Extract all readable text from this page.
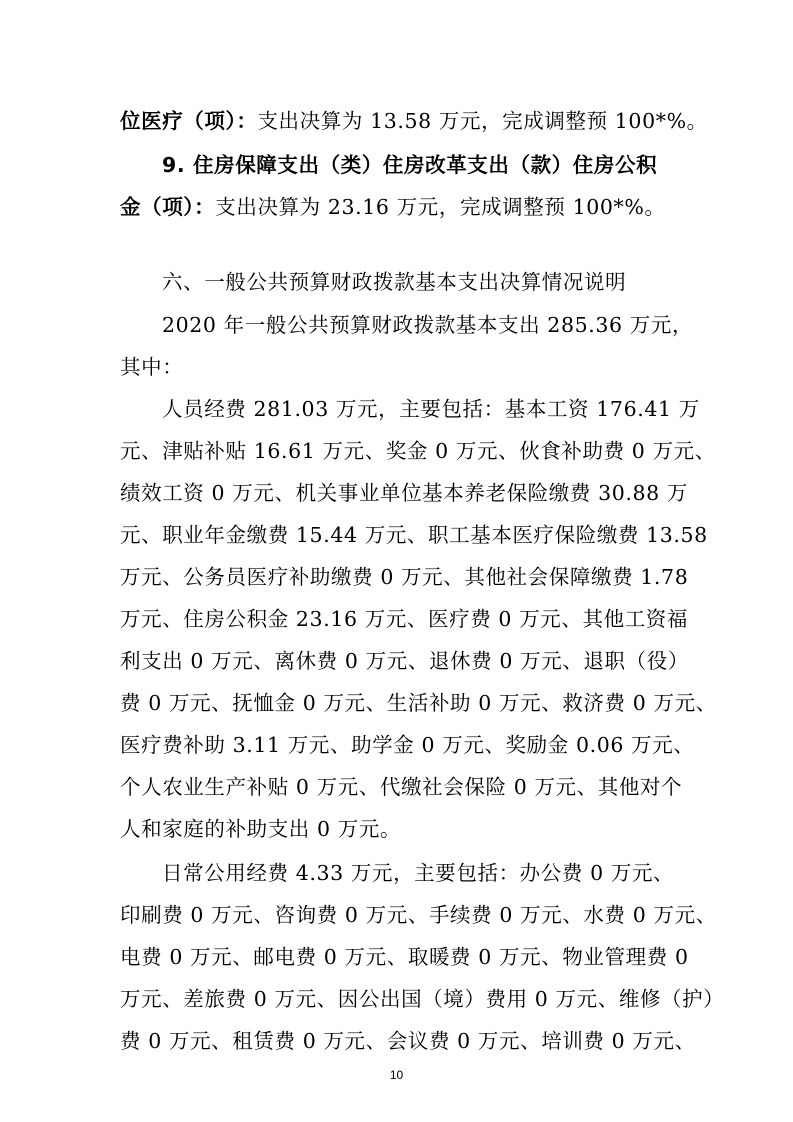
位医疗（项）：支出决算为 13.58 万元，完成调整预 100*%。
9. 住房保障支出（类）住房改革支出（款）住房公积
金（项）：支出决算为 23.16 万元，完成调整预 100*%。
六、一般公共预算财政拨款基本支出决算情况说明
2020 年一般公共预算财政拨款基本支出 285.36 万元，
其中：
人员经费 281.03 万元，主要包括：基本工资 176.41 万
元、津贴补贴 16.61 万元、奖金 0 万元、伙食补助费 0 万元、
绩效工资 0 万元、机关事业单位基本养老保险缴费 30.88 万
元、职业年金缴费 15.44 万元、职工基本医疗保险缴费 13.58
万元、公务员医疗补助缴费 0 万元、其他社会保障缴费 1.78
万元、住房公积金 23.16 万元、医疗费 0 万元、其他工资福
利支出 0 万元、离休费 0 万元、退休费 0 万元、退职（役）
费 0 万元、抚恤金 0 万元、生活补助 0 万元、救济费 0 万元、
医疗费补助 3.11 万元、助学金 0 万元、奖励金 0.06 万元、
个人农业生产补贴 0 万元、代缴社会保险 0 万元、其他对个
人和家庭的补助支出 0 万元。
日常公用经费 4.33 万元，主要包括：办公费 0 万元、
印刷费 0 万元、咨询费 0 万元、手续费 0 万元、水费 0 万元、
电费 0 万元、邮电费 0 万元、取暖费 0 万元、物业管理费 0
万元、差旅费 0 万元、因公出国（境）费用 0 万元、维修（护）
费 0 万元、租赁费 0 万元、会议费 0 万元、培训费 0 万元、
10
